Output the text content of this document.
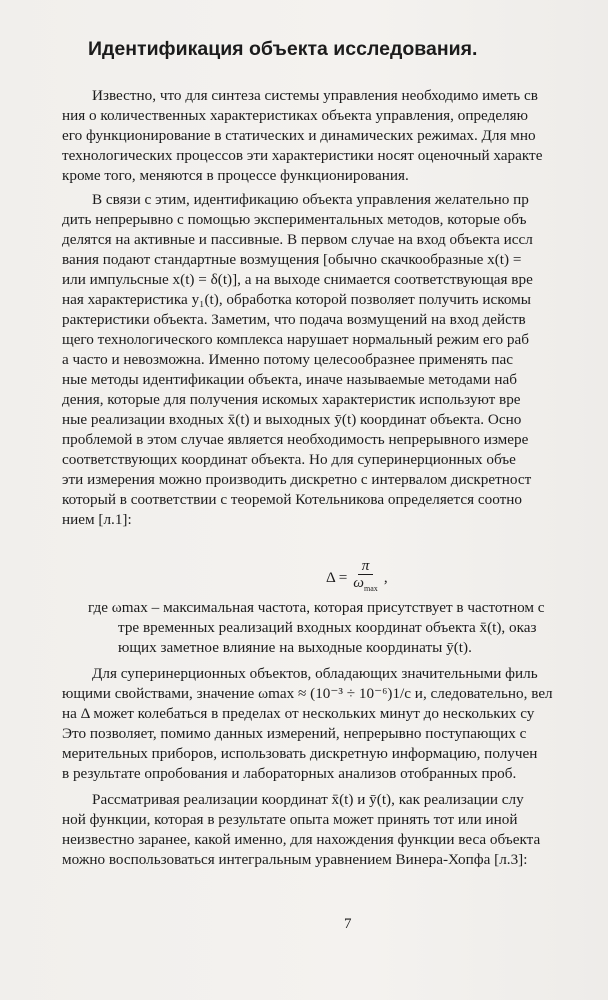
Идентификация объекта исследования.
Известно, что для синтеза системы управления необходимо иметь св
ния о количественных характеристиках объекта управления, определяю
его функционирование в статических и динамических режимах. Для мно
технологических процессов эти характеристики носят оценочный характе
кроме того, меняются в процессе функционирования.
В связи с этим, идентификацию объекта управления желательно пр
дить непрерывно с помощью экспериментальных методов, которые объ
делятся на активные и пассивные. В первом случае на вход объекта иссл
вания подают стандартные возмущения [обычно скачкообразные x(t) =
или импульсные x(t) = δ(t)], а на выходе снимается соответствующая вре
ная характеристика y₁(t), обработка которой позволяет получить искомы
рактеристики объекта. Заметим, что подача возмущений на вход действ
щего технологического комплекса нарушает нормальный режим его раб
а часто и невозможна. Именно потому целесообразнее применять пас
ные методы идентификации объекта, иначе называемые методами наб
дения, которые для получения искомых характеристик используют вре
ные реализации входных x̄(t) и выходных ȳ(t) координат объекта. Осно
проблемой в этом случае является необходимость непрерывного измере
соответствующих координат объекта. Но для суперинерционных объе
эти измерения можно производить дискретно с интервалом дискретност
который в соответствии с теоремой Котельникова определяется соотно
нием [л.1]:
где ωmax – максимальная частота, которая присутствует в частотном с
тре временных реализаций входных координат объекта x̄(t), оказ
ющих заметное влияние на выходные координаты ȳ(t).
Для суперинерционных объектов, обладающих значительными филь
ющими свойствами, значение ωmax ≈ (10⁻³ ÷ 10⁻⁶)1/с и, следовательно, вел
на Δ может колебаться в пределах от нескольких минут до нескольких су
Это позволяет, помимо данных измерений, непрерывно поступающих с
мерительных приборов, использовать дискретную информацию, получен
в результате опробования и лабораторных анализов отобранных проб.
Рассматривая реализации координат x̄(t) и ȳ(t), как реализации слу
ной функции, которая в результате опыта может принять тот или иной
неизвестно заранее, какой именно, для нахождения функции веса объекта
можно воспользоваться интегральным уравнением Винера-Хопфа [л.3]:
$\Delta = \frac{\pi}{\omega_{max}}$ ,
7
